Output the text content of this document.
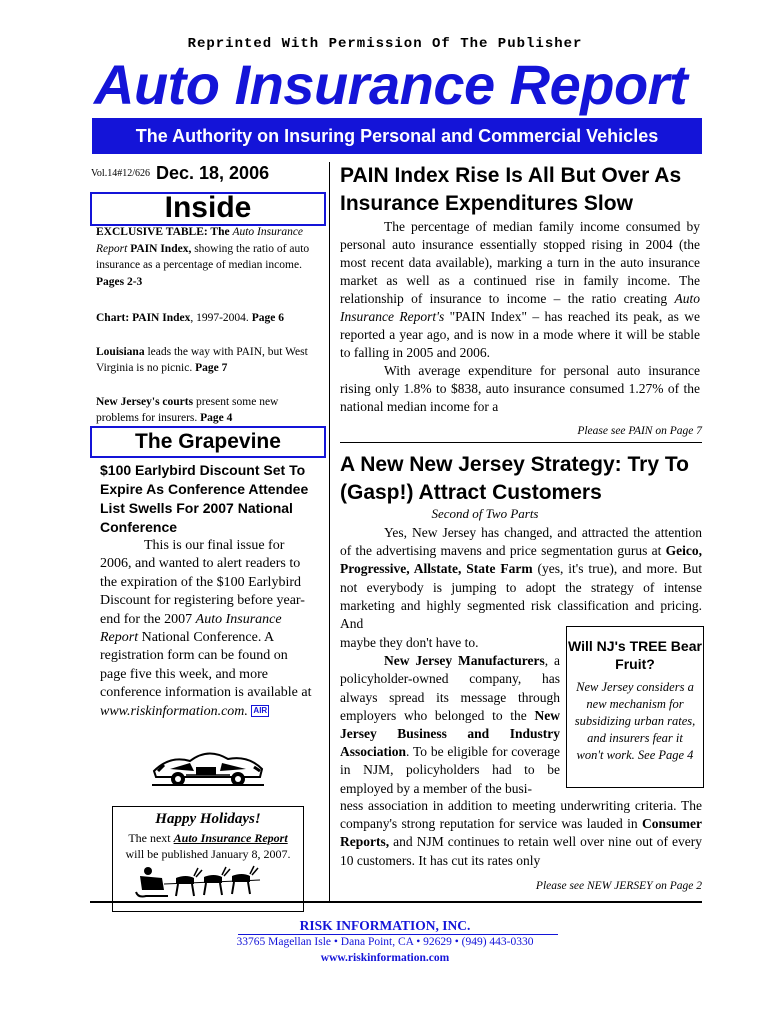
Reprinted With Permission Of The Publisher
Auto Insurance Report
The Authority on Insuring Personal and Commercial Vehicles
Vol.14#12/626 Dec. 18, 2006
Inside

EXCLUSIVE TABLE: The Auto Insurance Report PAIN Index, showing the ratio of auto insurance as a percentage of median income. Pages 2-3

Chart: PAIN Index, 1997-2004. Page 6

Louisiana leads the way with PAIN, but West Virginia is no picnic. Page 7

New Jersey's courts present some new problems for insurers. Page 4

The Grapevine
$100 Earlybird Discount Set To Expire As Conference Attendee List Swells For 2007 National Conference
This is our final issue for 2006, and wanted to alert readers to the expiration of the $100 Earlybird Discount for registering before year-end for the 2007 Auto Insurance Report National Conference. A registration form can be found on page five this week, and more conference information is available at www.riskinformation.com. AIR
Happy Holidays!
The next Auto Insurance Report
will be published January 8, 2007.
PAIN Index Rise Is All But Over As Insurance Expenditures Slow
The percentage of median family income consumed by personal auto insurance essentially stopped rising in 2004 (the most recent data available), marking a turn in the auto insurance market as well as a continued rise in family income. The relationship of insurance to income – the ratio creating Auto Insurance Report's "PAIN Index" – has reached its peak, as we reported a year ago, and is now in a mode where it will be stable to falling in 2005 and 2006.
With average expenditure for personal auto insurance rising only 1.8% to $838, auto insurance consumed 1.27% of the national median income for a
Please see PAIN on Page 7
A New New Jersey Strategy: Try To (Gasp!) Attract Customers
Second of Two Parts
Yes, New Jersey has changed, and attracted the attention of the advertising mavens and price segmentation gurus at Geico, Progressive, Allstate, State Farm (yes, it's true), and more. But not everybody is jumping to adopt the strategy of intense marketing and highly segmented risk classification and pricing. And
maybe they don't have to.
New Jersey Manufacturers, a policyholder-owned company, has always spread its message through employers who belonged to the New Jersey Business and Industry Association. To be eligible for coverage in NJM, policyholders had to be employed by a member of the busi-
Will NJ's TREE Bear Fruit?
New Jersey considers a new mechanism for subsidizing urban rates, and insurers fear it won't work. See Page 4
ness association in addition to meeting underwriting criteria. The company's strong reputation for service was lauded in Consumer Reports, and NJM continues to retain well over nine out of every 10 customers. It has cut its rates only
Please see NEW JERSEY on Page 2
RISK INFORMATION, INC.
33765 Magellan Isle • Dana Point, CA • 92629 • (949) 443-0330
www.riskinformation.com
